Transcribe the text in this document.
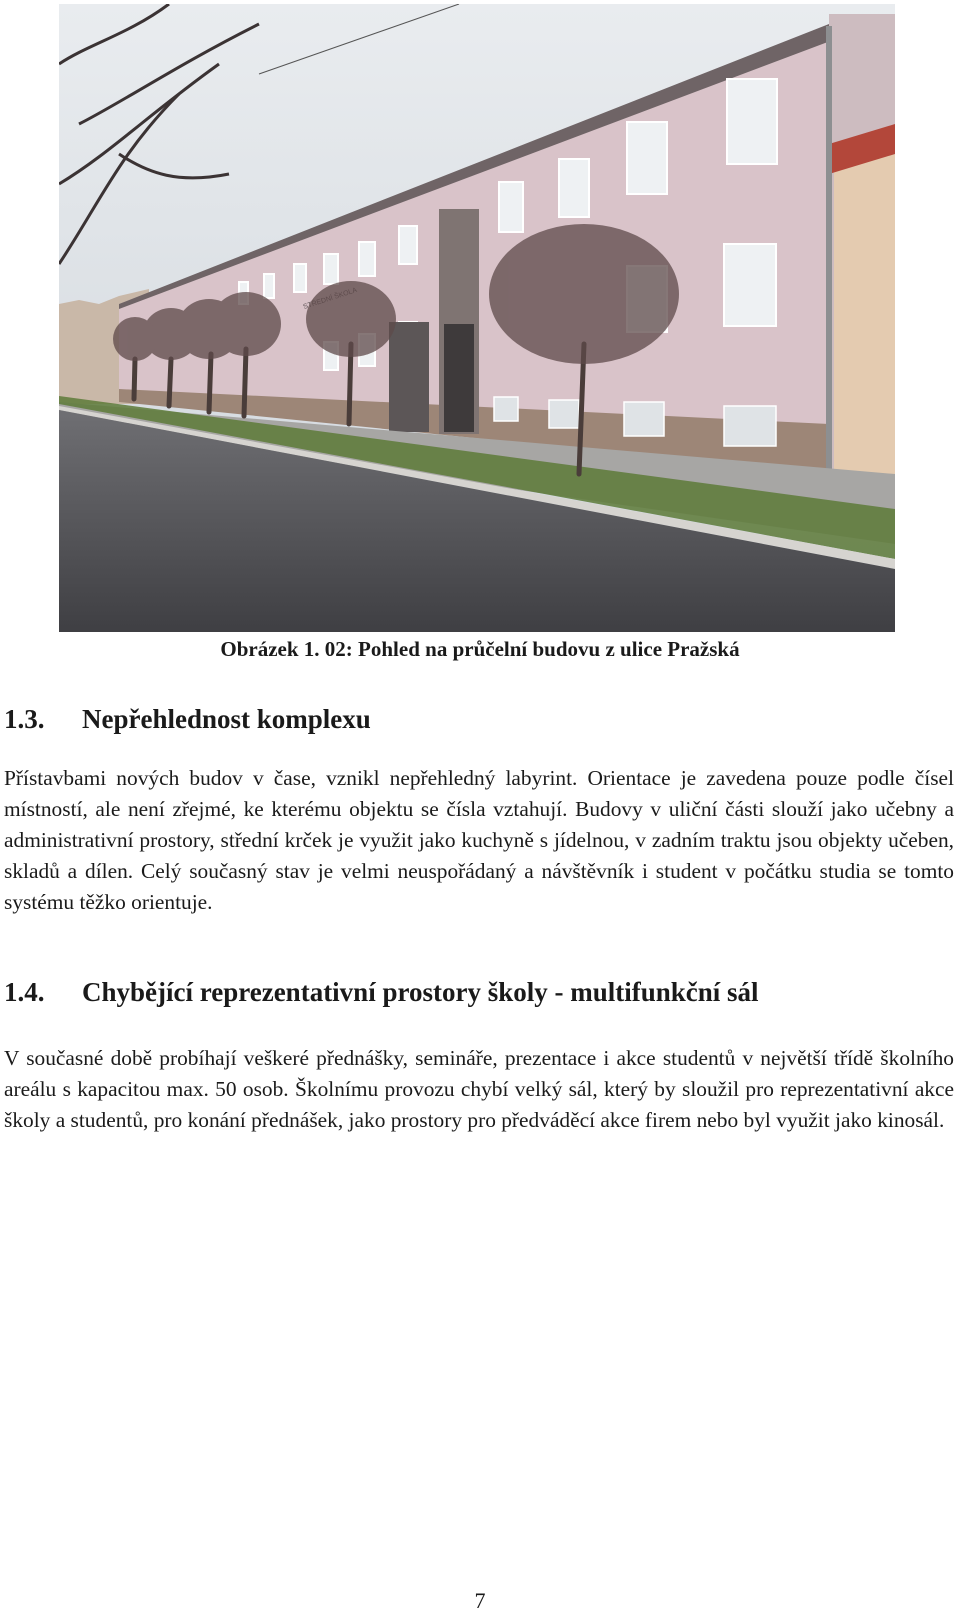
Obrázek 1. 02: Pohled na průčelní budovu z ulice Pražská
1.3. Nepřehlednost komplexu

Přístavbami nových budov v čase, vznikl nepřehledný labyrint. Orientace je zavedena pouze podle čísel místností, ale není zřejmé, ke kterému objektu se čísla vztahují. Budovy v uliční části slouží jako učebny a administrativní prostory, střední krček je využit jako kuchyně s jídelnou, v zadním traktu jsou objekty učeben, skladů a dílen. Celý současný stav je velmi neuspořádaný a návštěvník i student v počátku studia se tomto systému těžko orientuje.

1.4. Chybějící reprezentativní prostory školy - multifunkční sál

V současné době probíhají veškeré přednášky, semináře, prezentace i akce studentů v největší třídě školního areálu s kapacitou max. 50 osob. Školnímu provozu chybí velký sál, který by sloužil pro reprezentativní akce školy a studentů, pro konání přednášek, jako prostory pro předváděcí akce firem nebo byl využit jako kinosál.

7
